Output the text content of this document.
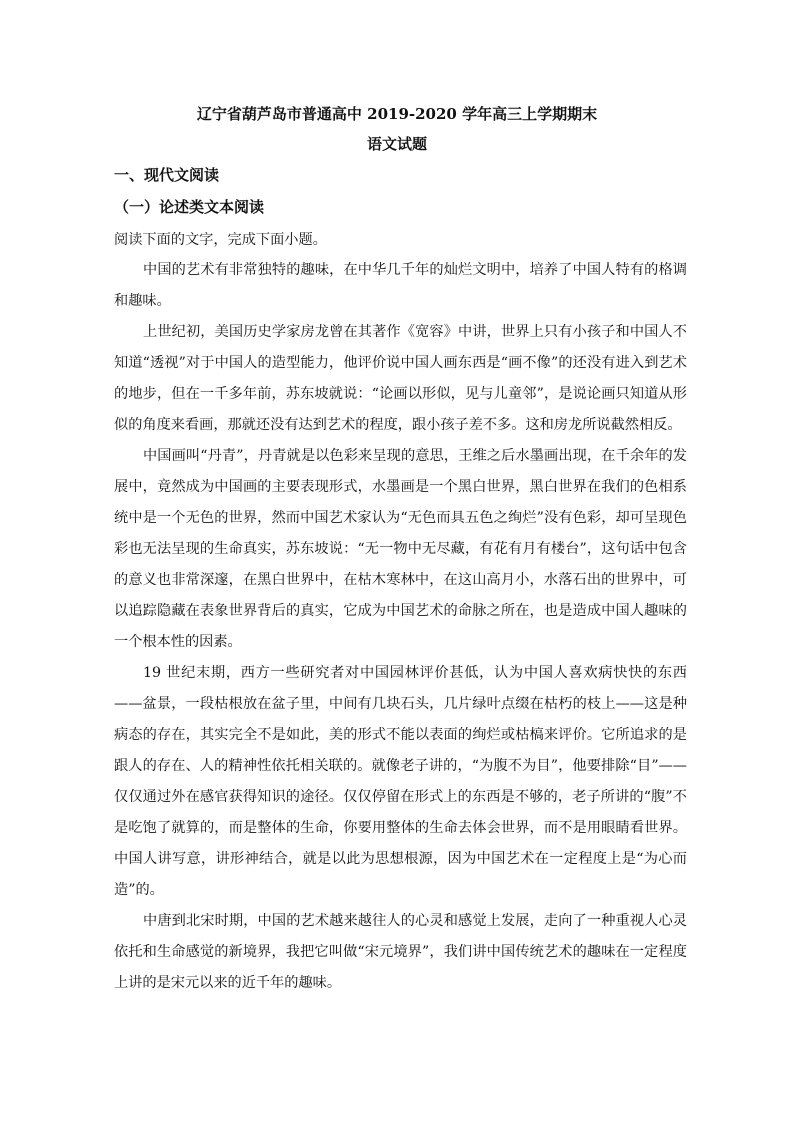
辽宁省葫芦岛市普通高中 2019-2020 学年高三上学期期末
语文试题
一、现代文阅读
（一）论述类文本阅读
阅读下面的文字，完成下面小题。

中国的艺术有非常独特的趣味，在中华几千年的灿烂文明中，培养了中国人特有的格调和趣味。

上世纪初，美国历史学家房龙曾在其著作《宽容》中讲，世界上只有小孩子和中国人不知道“透视”对于中国人的造型能力，他评价说中国人画东西是“画不像”的还没有进入到艺术的地步，但在一千多年前，苏东坡就说：“论画以形似，见与儿童邻”，是说论画只知道从形似的角度来看画，那就还没有达到艺术的程度，跟小孩子差不多。这和房龙所说截然相反。

中国画叫“丹青”，丹青就是以色彩来呈现的意思，王维之后水墨画出现，在千余年的发展中，竟然成为中国画的主要表现形式，水墨画是一个黑白世界，黑白世界在我们的色相系统中是一个无色的世界，然而中国艺术家认为“无色而具五色之绚烂”没有色彩，却可呈现色彩也无法呈现的生命真实，苏东坡说：“无一物中无尽藏，有花有月有楼台”，这句话中包含的意义也非常深邃，在黑白世界中，在枯木寒林中，在这山高月小，水落石出的世界中，可以追踪隐藏在表象世界背后的真实，它成为中国艺术的命脉之所在，也是造成中国人趣味的一个根本性的因素。

19 世纪末期，西方一些研究者对中国园林评价甚低，认为中国人喜欢病快快的东西——盆景，一段枯根放在盆子里，中间有几块石头，几片绿叶点缀在枯朽的枝上——这是种病态的存在，其实完全不是如此，美的形式不能以表面的绚烂或枯槁来评价。它所追求的是跟人的存在、人的精神性依托相关联的。就像老子讲的，“为腹不为目”，他要排除“目”——仅仅通过外在感官获得知识的途径。仅仅停留在形式上的东西是不够的，老子所讲的“腹”不是吃饱了就算的，而是整体的生命，你要用整体的生命去体会世界，而不是用眼睛看世界。中国人讲写意，讲形神结合，就是以此为思想根源，因为中国艺术在一定程度上是“为心而造”的。

中唐到北宋时期，中国的艺术越来越往人的心灵和感觉上发展，走向了一种重视人心灵依托和生命感觉的新境界，我把它叫做“宋元境界”，我们讲中国传统艺术的趣味在一定程度上讲的是宋元以来的近千年的趣味。
